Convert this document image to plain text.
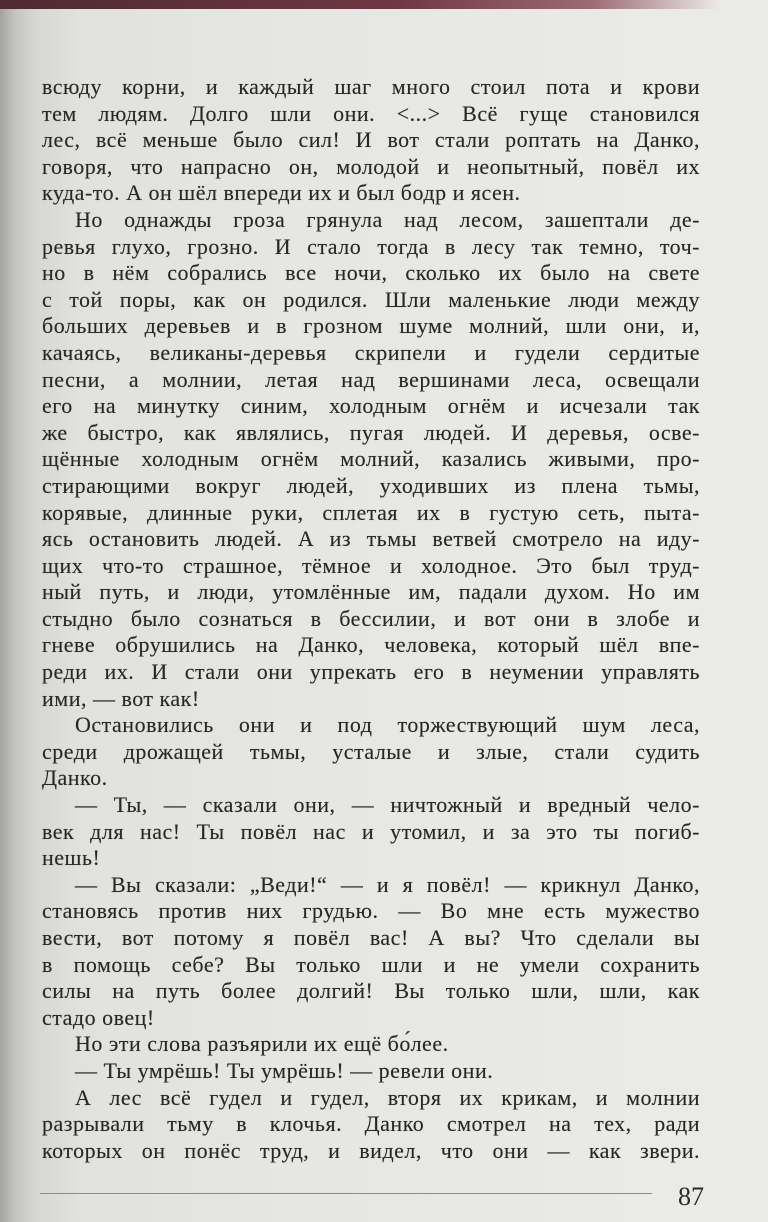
всюду корни, и каждый шаг много стоил пота и крови
тем людям. Долго шли они. <...> Всё гуще становился
лес, всё меньше было сил! И вот стали роптать на Данко,
говоря, что напрасно он, молодой и неопытный, повёл их
куда-то. А он шёл впереди их и был бодр и ясен.
Но однажды гроза грянула над лесом, зашептали де-
ревья глухо, грозно. И стало тогда в лесу так темно, точ-
но в нём собрались все ночи, сколько их было на свете
с той поры, как он родился. Шли маленькие люди между
больших деревьев и в грозном шуме молний, шли они, и,
качаясь, великаны-деревья скрипели и гудели сердитые
песни, а молнии, летая над вершинами леса, освещали
его на минутку синим, холодным огнём и исчезали так
же быстро, как являлись, пугая людей. И деревья, осве-
щённые холодным огнём молний, казались живыми, про-
стирающими вокруг людей, уходивших из плена тьмы,
корявые, длинные руки, сплетая их в густую сеть, пыта-
ясь остановить людей. А из тьмы ветвей смотрело на иду-
щих что-то страшное, тёмное и холодное. Это был труд-
ный путь, и люди, утомлённые им, падали духом. Но им
стыдно было сознаться в бессилии, и вот они в злобе и
гневе обрушились на Данко, человека, который шёл впе-
реди их. И стали они упрекать его в неумении управлять
ими, — вот как!
Остановились они и под торжествующий шум леса,
среди дрожащей тьмы, усталые и злые, стали судить
Данко.
— Ты, — сказали они, — ничтожный и вредный чело-
век для нас! Ты повёл нас и утомил, и за это ты погиб-
нешь!
— Вы сказали: „Веди!“ — и я повёл! — крикнул Данко,
становясь против них грудью. — Во мне есть мужество
вести, вот потому я повёл вас! А вы? Что сделали вы
в помощь себе? Вы только шли и не умели сохранить
силы на путь более долгий! Вы только шли, шли, как
стадо овец!
Но эти слова разъярили их ещё бо́лее.
— Ты умрёшь! Ты умрёшь! — ревели они.
А лес всё гудел и гудел, вторя их крикам, и молнии
разрывали тьму в клочья. Данко смотрел на тех, ради
которых он понёс труд, и видел, что они — как звери.
87
